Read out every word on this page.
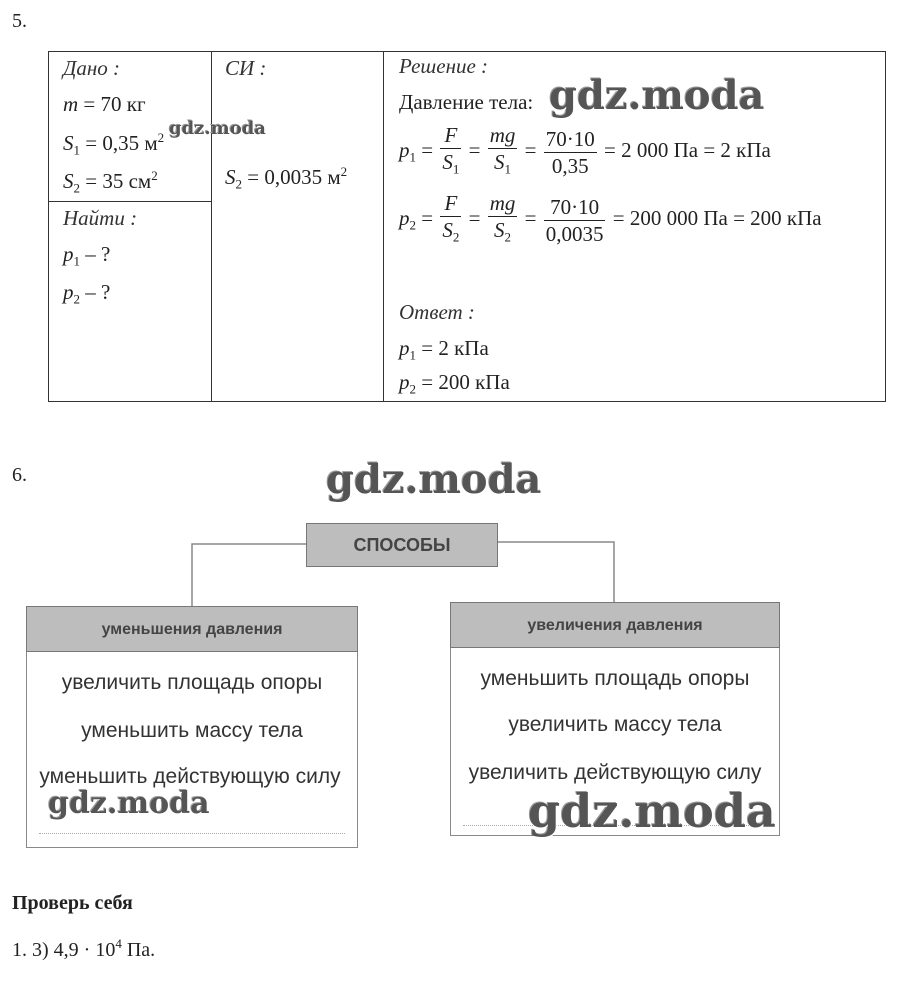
5.
Дано :
m = 70 кг
$S_1 = 0,35$ $м^2$
$S_2 = 35$ $см^2$
Найти :
$p_1$ – ?
$p_2$ – ?
СИ :
$S_2 = 0,0035$ $м^2$
Решение :
Давление тела:
$p_1 = \frac{F}{S_1} = \frac{mg}{S_1} = \frac{70\cdot 10}{0,35} = 2$ 000 Па = 2 кПа
$p_2 = \frac{F}{S_2} = \frac{mg}{S_2} = \frac{70\cdot 10}{0,0035} = 200$ 000 Па = 200 кПа
Ответ :
$p_1 = 2$ кПа
$p_2 = 200$ кПа
gdz.moda
gdz.moda
6.	gdz.moda
СПОСОБЫ
уменьшения давления
увеличить площадь опоры
уменьшить массу тела
уменьшить действующую силу
gdz.moda
увеличения давления
уменьшить площадь опоры
увеличить массу тела
увеличить действующую силу
gdz.moda
Проверь себя
1. 3) $4,9 \cdot 10^4$ Па.
